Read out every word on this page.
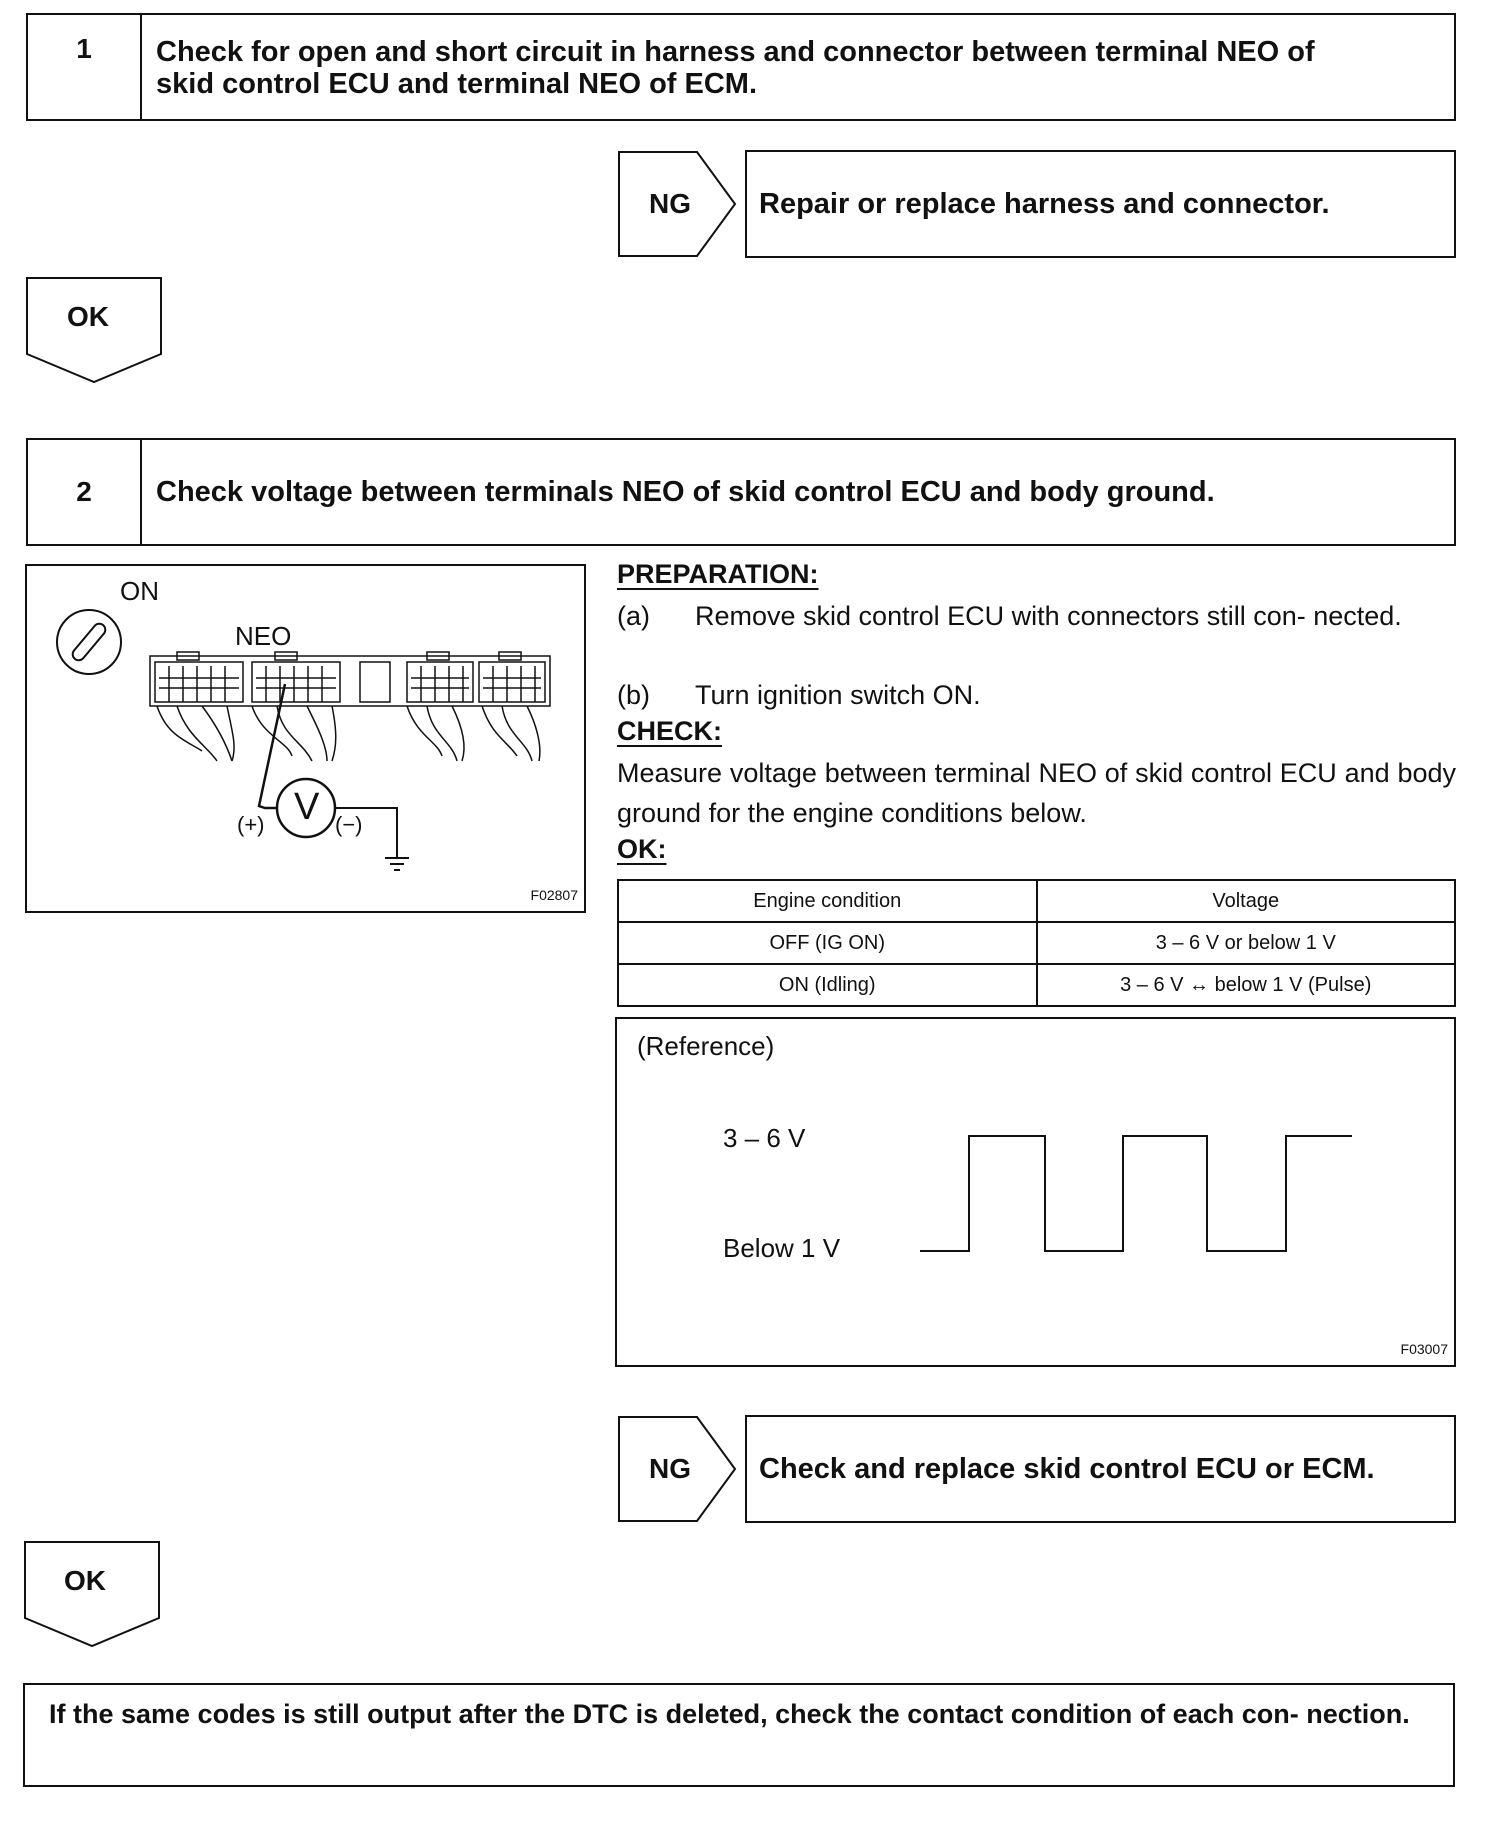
1	Check for open and short circuit in harness and connector between terminal NEO of skid control ECU and terminal NEO of ECM.
NG	Repair or replace harness and connector.
OK
2	Check voltage between terminals NEO of skid control ECU and body ground.
ON
NEO
V
(+)	(−)
F02807
PREPARATION:
(a) Remove skid control ECU with connectors still con- nected.
(b) Turn ignition switch ON.
CHECK:
Measure voltage between terminal NEO of skid control ECU and body ground for the engine conditions below.
OK:
Engine condition	Voltage
OFF (IG ON)	3 – 6 V or below 1 V
ON (Idling)	3 – 6 V ↔ below 1 V (Pulse)
(Reference)
3 – 6 V
Below 1 V
F03007
NG	Check and replace skid control ECU or ECM.
OK
If the same codes is still output after the DTC is deleted, check the contact condition of each con- nection.
